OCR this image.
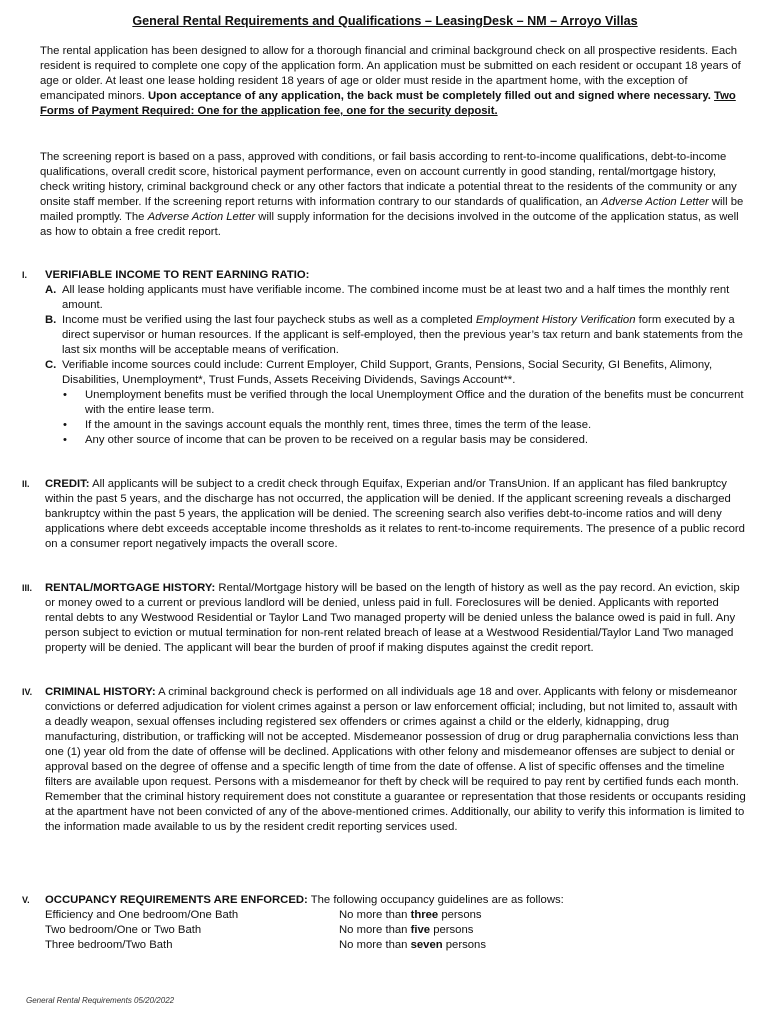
General Rental Requirements and Qualifications – LeasingDesk – NM – Arroyo Villas

The rental application has been designed to allow for a thorough financial and criminal background check on all prospective residents. Each resident is required to complete one copy of the application form. An application must be submitted on each resident or occupant 18 years of age or older. At least one lease holding resident 18 years of age or older must reside in the apartment home, with the exception of emancipated minors. Upon acceptance of any application, the back must be completely filled out and signed where necessary. Two Forms of Payment Required: One for the application fee, one for the security deposit.

The screening report is based on a pass, approved with conditions, or fail basis according to rent-to-income qualifications, debt-to-income qualifications, overall credit score, historical payment performance, even on account currently in good standing, rental/mortgage history, check writing history, criminal background check or any other factors that indicate a potential threat to the residents of the community or any onsite staff member. If the screening report returns with information contrary to our standards of qualification, an Adverse Action Letter will be mailed promptly. The Adverse Action Letter will supply information for the decisions involved in the outcome of the application status, as well as how to obtain a free credit report.

I. VERIFIABLE INCOME TO RENT EARNING RATIO:
A. All lease holding applicants must have verifiable income. The combined income must be at least two and a half times the monthly rent amount.
B. Income must be verified using the last four paycheck stubs as well as a completed Employment History Verification form executed by a direct supervisor or human resources. If the applicant is self-employed, then the previous year’s tax return and bank statements from the last six months will be acceptable means of verification.
C. Verifiable income sources could include: Current Employer, Child Support, Grants, Pensions, Social Security, GI Benefits, Alimony, Disabilities, Unemployment*, Trust Funds, Assets Receiving Dividends, Savings Account**.
• Unemployment benefits must be verified through the local Unemployment Office and the duration of the benefits must be concurrent with the entire lease term.
• If the amount in the savings account equals the monthly rent, times three, times the term of the lease.
• Any other source of income that can be proven to be received on a regular basis may be considered.
II. CREDIT: All applicants will be subject to a credit check through Equifax, Experian and/or TransUnion. If an applicant has filed bankruptcy within the past 5 years, and the discharge has not occurred, the application will be denied. If the applicant screening reveals a discharged bankruptcy within the past 5 years, the application will be denied. The screening search also verifies debt-to-income ratios and will deny applications where debt exceeds acceptable income thresholds as it relates to rent-to-income requirements. The presence of a public record on a consumer report negatively impacts the overall score.
III. RENTAL/MORTGAGE HISTORY: Rental/Mortgage history will be based on the length of history as well as the pay record. An eviction, skip or money owed to a current or previous landlord will be denied, unless paid in full. Foreclosures will be denied. Applicants with reported rental debts to any Westwood Residential or Taylor Land Two managed property will be denied unless the balance owed is paid in full. Any person subject to eviction or mutual termination for non-rent related breach of lease at a Westwood Residential/Taylor Land Two managed property will be denied. The applicant will bear the burden of proof if making disputes against the credit report.
IV. CRIMINAL HISTORY: A criminal background check is performed on all individuals age 18 and over. Applicants with felony or misdemeanor convictions or deferred adjudication for violent crimes against a person or law enforcement official; including, but not limited to, assault with a deadly weapon, sexual offenses including registered sex offenders or crimes against a child or the elderly, kidnapping, drug manufacturing, distribution, or trafficking will not be accepted. Misdemeanor possession of drug or drug paraphernalia convictions less than one (1) year old from the date of offense will be declined. Applications with other felony and misdemeanor offenses are subject to denial or approval based on the degree of offense and a specific length of time from the date of offense. A list of specific offenses and the timeline filters are available upon request. Persons with a misdemeanor for theft by check will be required to pay rent by certified funds each month. Remember that the criminal history requirement does not constitute a guarantee or representation that those residents or occupants residing at the apartment have not been convicted of any of the above-mentioned crimes. Additionally, our ability to verify this information is limited to the information made available to us by the resident credit reporting services used.
V. OCCUPANCY REQUIREMENTS ARE ENFORCED: The following occupancy guidelines are as follows:
Efficiency and One bedroom/One Bath	No more than three persons
Two bedroom/One or Two Bath	No more than five persons
Three bedroom/Two Bath	No more than seven persons
General Rental Requirements 05/20/2022
